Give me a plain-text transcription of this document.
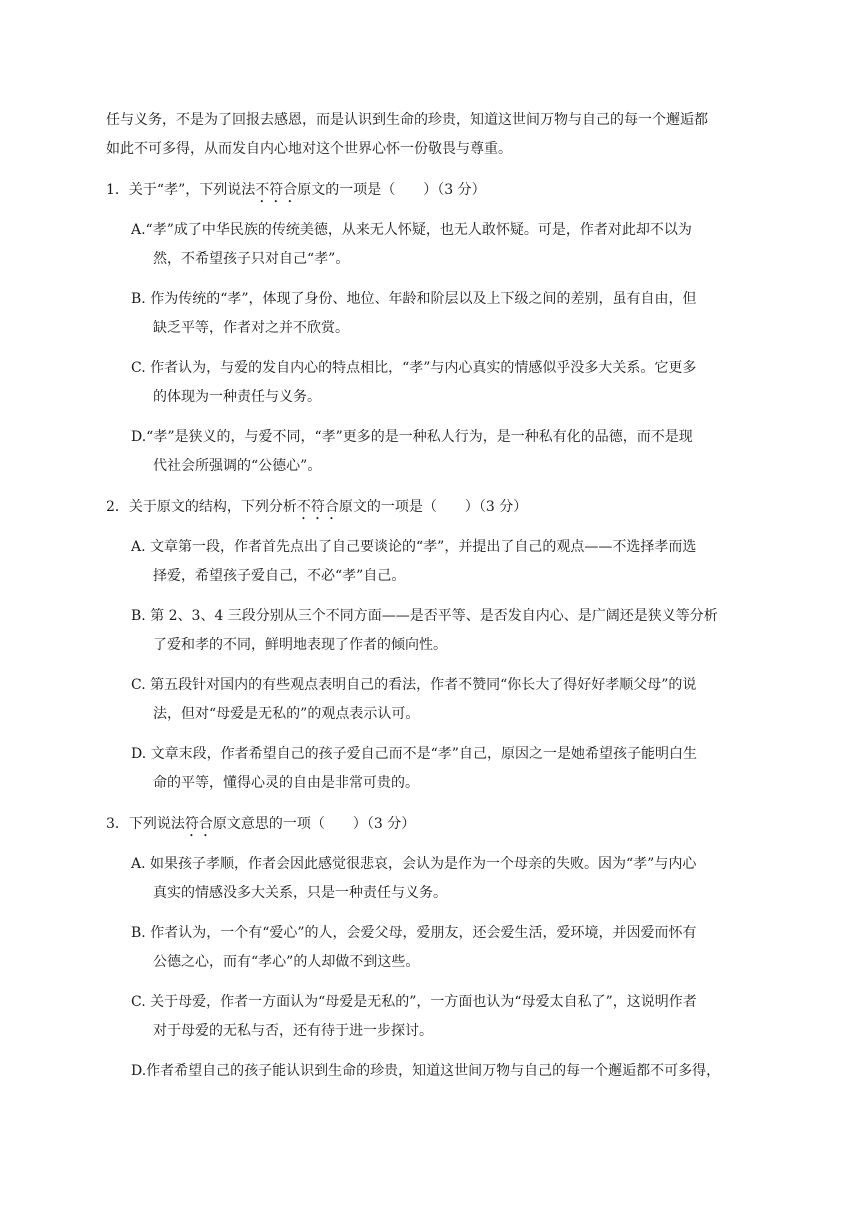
任与义务，不是为了回报去感恩，而是认识到生命的珍贵，知道这世间万物与自己的每一个邂逅都

如此不可多得，从而发自内心地对这个世界心怀一份敬畏与尊重。

1．关于“孝”，下列说法不符合原文的一项是（　　）（3 分）

A.“孝”成了中华民族的传统美德，从来无人怀疑，也无人敢怀疑。可是，作者对此却不以为

然，不希望孩子只对自己“孝”。

B. 作为传统的“孝”，体现了身份、地位、年龄和阶层以及上下级之间的差别，虽有自由，但

缺乏平等，作者对之并不欣赏。

C. 作者认为，与爱的发自内心的特点相比，“孝”与内心真实的情感似乎没多大关系。它更多

的体现为一种责任与义务。

D.“孝”是狭义的，与爱不同，“孝”更多的是一种私人行为，是一种私有化的品德，而不是现

代社会所强调的“公德心”。

2．关于原文的结构，下列分析不符合原文的一项是（　　）（3 分）

A. 文章第一段，作者首先点出了自己要谈论的“孝”，并提出了自己的观点——不选择孝而选

择爱，希望孩子爱自己，不必“孝”自己。

B. 第 2、3、4 三段分别从三个不同方面——是否平等、是否发自内心、是广阔还是狭义等分析

了爱和孝的不同，鲜明地表现了作者的倾向性。

C. 第五段针对国内的有些观点表明自己的看法，作者不赞同“你长大了得好好孝顺父母”的说

法，但对“母爱是无私的”的观点表示认可。

D. 文章末段，作者希望自己的孩子爱自己而不是“孝”自己，原因之一是她希望孩子能明白生

命的平等，懂得心灵的自由是非常可贵的。

3．下列说法符合原文意思的一项（　　）（3 分）

A. 如果孩子孝顺，作者会因此感觉很悲哀，会认为是作为一个母亲的失败。因为“孝”与内心

真实的情感没多大关系，只是一种责任与义务。

B. 作者认为，一个有“爱心”的人，会爱父母，爱朋友，还会爱生活，爱环境，并因爱而怀有

公德之心，而有“孝心”的人却做不到这些。

C. 关于母爱，作者一方面认为“母爱是无私的”，一方面也认为“母爱太自私了”，这说明作者

对于母爱的无私与否，还有待于进一步探讨。

D.作者希望自己的孩子能认识到生命的珍贵，知道这世间万物与自己的每一个邂逅都不可多得，
